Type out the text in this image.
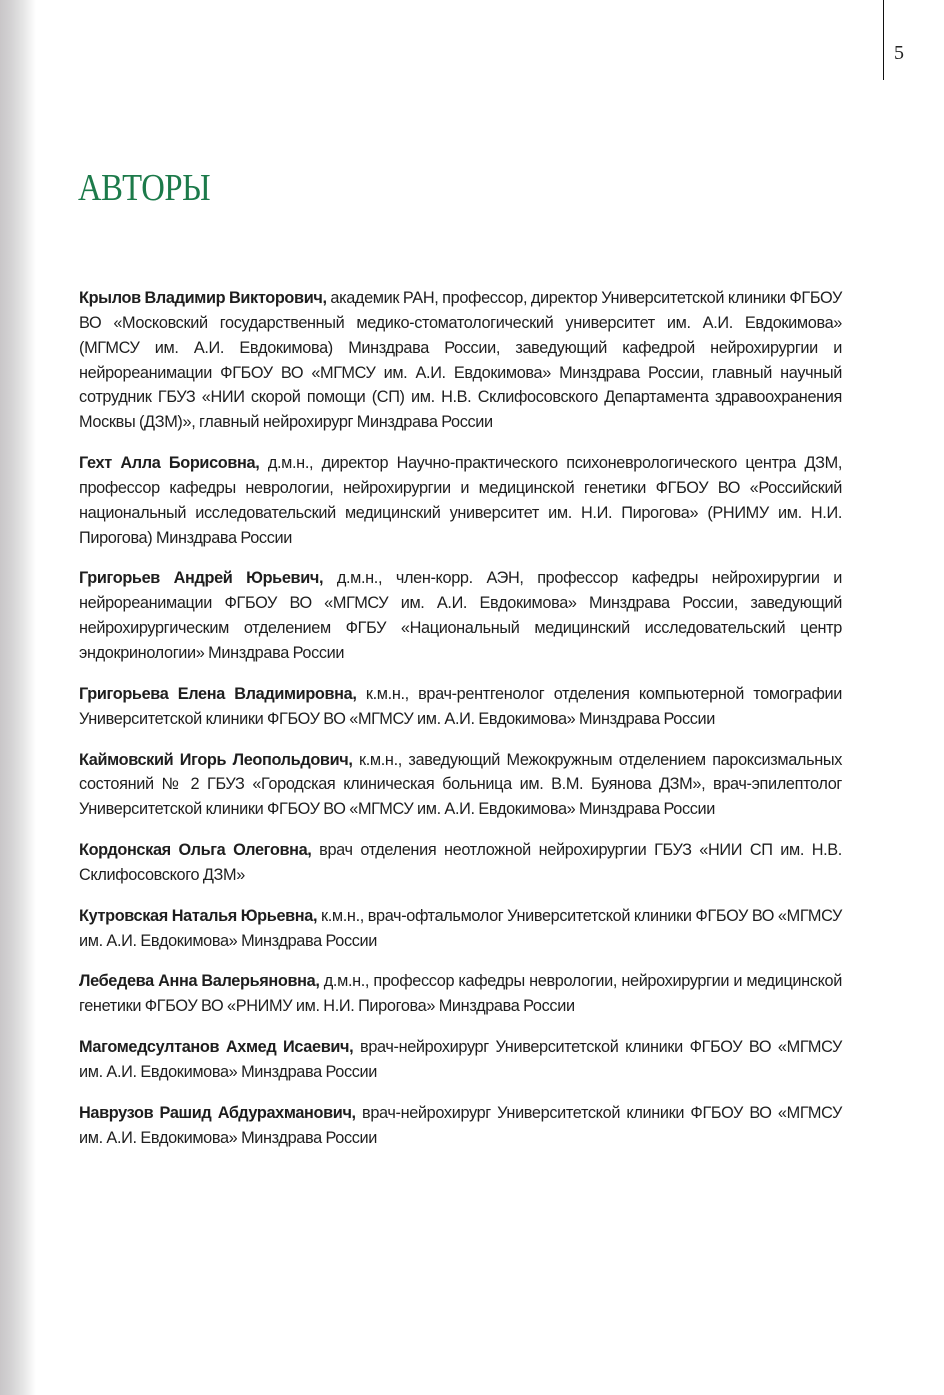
5
АВТОРЫ

Крылов Владимир Викторович, академик РАН, профессор, директор Университетской клиники ФГБОУ ВО «Московский государственный медико-стоматологический университет им. А.И. Евдокимова» (МГМСУ им. А.И. Евдокимова) Минздрава России, заведующий кафедрой нейрохирургии и нейрореанимации ФГБОУ ВО «МГМСУ им. А.И. Евдокимова» Минздрава России, главный научный сотрудник ГБУЗ «НИИ скорой помощи (СП) им. Н.В. Склифосовского Департамента здравоохранения Москвы (ДЗМ)», главный нейрохирург Минздрава России

Гехт Алла Борисовна, д.м.н., директор Научно-практического психоневрологического центра ДЗМ, профессор кафедры неврологии, нейрохирургии и медицинской генетики ФГБОУ ВО «Российский национальный исследовательский медицинский университет им. Н.И. Пирогова» (РНИМУ им. Н.И. Пирогова) Минздрава России

Григорьев Андрей Юрьевич, д.м.н., член-корр. АЭН, профессор кафедры нейрохирургии и нейрореанимации ФГБОУ ВО «МГМСУ им. А.И. Евдокимова» Минздрава России, заведующий нейрохирургическим отделением ФГБУ «Национальный медицинский исследовательский центр эндокринологии» Минздрава России

Григорьева Елена Владимировна, к.м.н., врач-рентгенолог отделения компьютерной томографии Университетской клиники ФГБОУ ВО «МГМСУ им. А.И. Евдокимова» Минздрава России

Каймовский Игорь Леопольдович, к.м.н., заведующий Межокружным отделением пароксизмальных состояний № 2 ГБУЗ «Городская клиническая больница им. В.М. Буянова ДЗМ», врач-эпилептолог Университетской клиники ФГБОУ ВО «МГМСУ им. А.И. Евдокимова» Минздрава России

Кордонская Ольга Олеговна, врач отделения неотложной нейрохирургии ГБУЗ «НИИ СП им. Н.В. Склифосовского ДЗМ»

Кутровская Наталья Юрьевна, к.м.н., врач-офтальмолог Университетской клиники ФГБОУ ВО «МГМСУ им. А.И. Евдокимова» Минздрава России

Лебедева Анна Валерьяновна, д.м.н., профессор кафедры неврологии, нейрохирургии и медицинской генетики ФГБОУ ВО «РНИМУ им. Н.И. Пирогова» Минздрава России

Магомедсултанов Ахмед Исаевич, врач-нейрохирург Университетской клиники ФГБОУ ВО «МГМСУ им. А.И. Евдокимова» Минздрава России

Наврузов Рашид Абдурахманович, врач-нейрохирург Университетской клиники ФГБОУ ВО «МГМСУ им. А.И. Евдокимова» Минздрава России
